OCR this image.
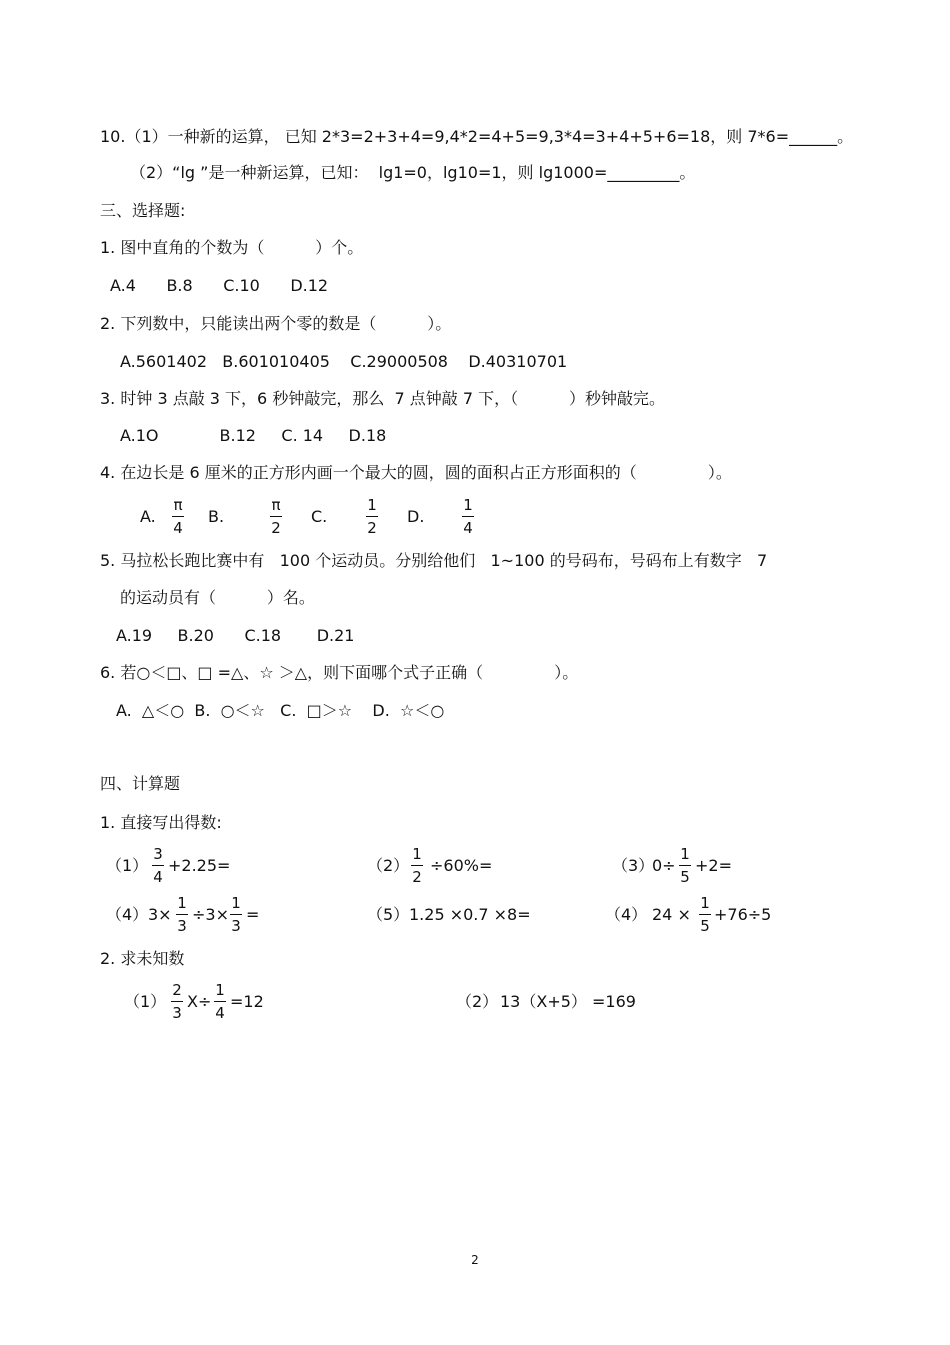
10.（1）一种新的运算， 已知 2*3=2+3+4=9,4*2=4+5=9,3*4=3+4+5+6=18，则 7*6=______。
（2）“lg ”是一种新运算，已知：  lg1=0，lg10=1，则 lg1000=_________。
三、选择题:
1. 图中直角的个数为（          ）个。
A.4      B.8      C.10      D.12
2. 下列数中，只能读出两个零的数是（          ）。
A.5601402   B.601010405    C.29000508    D.40310701
3. 时钟 3 点敲 3 下，6 秒钟敲完，那么  7 点钟敲 7 下，（          ）秒钟敲完。
A.1O            B.12     C. 14     D.18
4. 在边长是 6 厘米的正方形内画一个最大的圆，圆的面积占正方形面积的（              ）。
A.
π
4
B.
π
2
C.
1
2
D.
1
4
5. 马拉松长跑比赛中有   100 个运动员。分别给他们   1~100 的号码布，号码布上有数字   7
的运动员有（          ）名。
A.19     B.20      C.18       D.21
6. 若○＜□、□ =△、☆ ＞△，则下面哪个式子正确（              ）。
A.  △＜○  B.  ○＜☆   C.  □＞☆    D.  ☆＜○
四、计算题
1. 直接写出得数:
（1）
3
4
+2.25=	（2）
1
2
÷60%=	（3）
0÷
1
5
+2=
（4） 3×
1
3
÷3×
1
3
=	（5） 1.25 ×0.7 ×8=	（4） 24 ×
1
5
+76÷5
2. 求未知数
（1）
2
3
X÷
1
4
=12	（2） 13（X+5） =169
2
